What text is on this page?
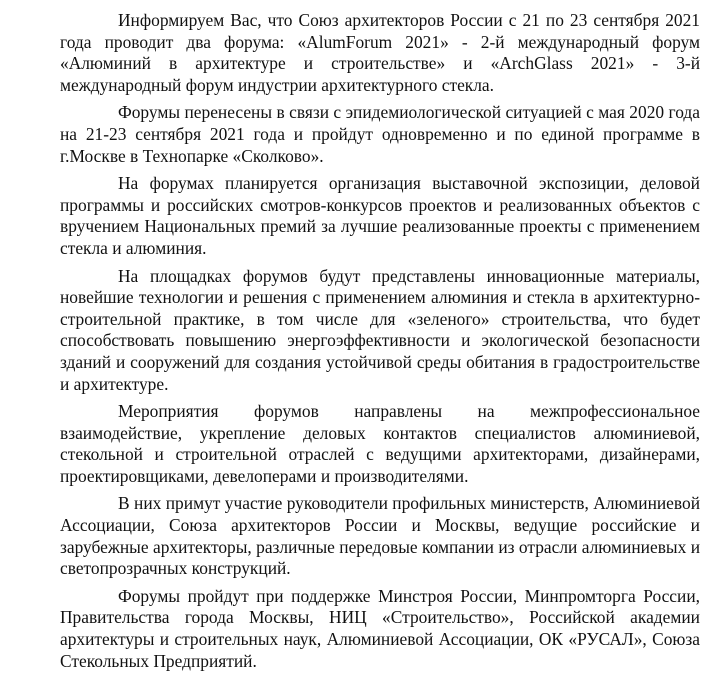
Информируем Вас, что Союз архитекторов России с 21 по 23 сентября 2021 года проводит два форума: «AlumForum 2021» - 2-й международный форум «Алюминий в архитектуре и строительстве» и «ArchGlass 2021» - 3-й международный форум индустрии архитектурного стекла.

Форумы перенесены в связи с эпидемиологической ситуацией с мая 2020 года на 21-23 сентября 2021 года и пройдут одновременно и по единой программе в г.Москве в Технопарке «Сколково».

На форумах планируется организация выставочной экспозиции, деловой программы и российских смотров-конкурсов проектов и реализованных объектов с вручением Национальных премий за лучшие реализованные проекты с применением стекла и алюминия.

На площадках форумов будут представлены инновационные материалы, новейшие технологии и решения с применением алюминия и стекла в архитектурно-строительной практике, в том числе для «зеленого» строительства, что будет способствовать повышению энергоэффективности и экологической безопасности зданий и сооружений для создания устойчивой среды обитания в градостроительстве и архитектуре.

Мероприятия форумов направлены на межпрофессиональное взаимодействие, укрепление деловых контактов специалистов алюминиевой, стекольной и строительной отраслей с ведущими архитекторами, дизайнерами, проектировщиками, девелоперами и производителями.

В них примут участие руководители профильных министерств, Алюминиевой Ассоциации, Союза архитекторов России и Москвы, ведущие российские и зарубежные архитекторы, различные передовые компании из отрасли алюминиевых и светопрозрачных конструкций.

Форумы пройдут при поддержке Минстроя России, Минпромторга России, Правительства города Москвы, НИЦ «Строительство», Российской академии архитектуры и строительных наук, Алюминиевой Ассоциации, ОК «РУСАЛ», Союза Стекольных Предприятий.
